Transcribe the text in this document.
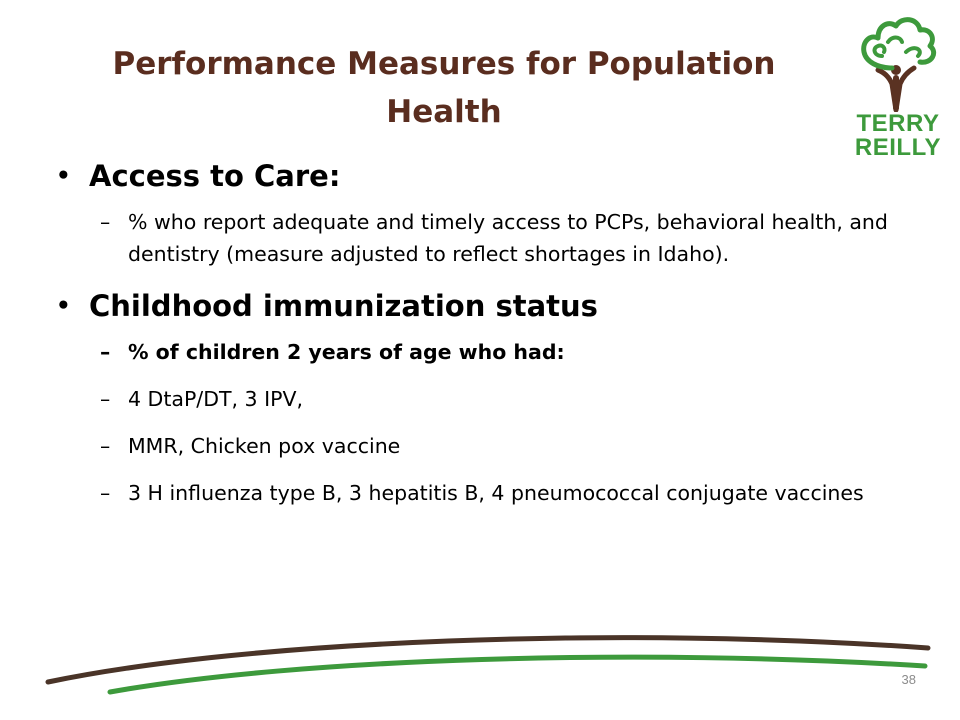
Performance Measures for Population Health	TERRY
REILLY
• Access to Care:
– % who report adequate and timely access to PCPs, behavioral health, and dentistry (measure adjusted to reflect shortages in Idaho).
• Childhood immunization status
– % of children 2 years of age who had:
– 4 DtaP/DT, 3 IPV,
– MMR, Chicken pox vaccine
– 3 H influenza type B, 3 hepatitis B, 4 pneumococcal conjugate vaccines
38
